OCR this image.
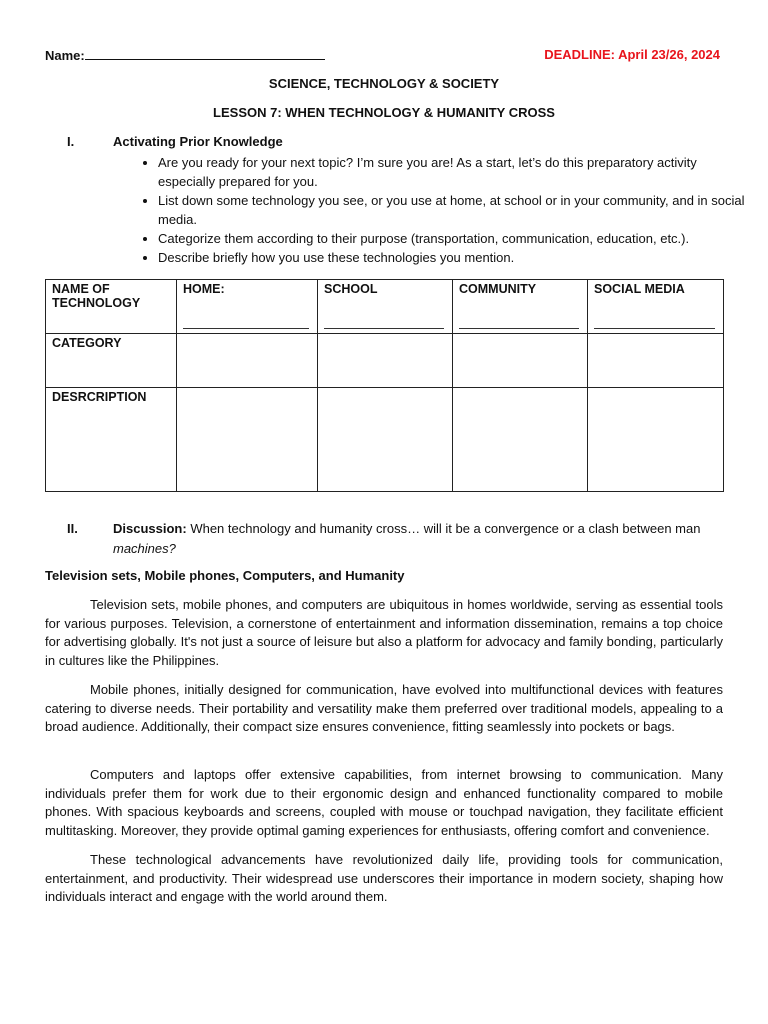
Name:	DEADLINE: April 23/26, 2024
SCIENCE, TECHNOLOGY & SOCIETY
LESSON 7: WHEN TECHNOLOGY & HUMANITY CROSS
I.	Activating Prior Knowledge
• Are you ready for your next topic? I’m sure you are! As a start, let’s do this preparatory activity especially prepared for you.
• List down some technology you see, or you use at home, at school or in your community, and in social media.
• Categorize them according to their purpose (transportation, communication, education, etc.).
• Describe briefly how you use these technologies you mention.
NAME OF TECHNOLOGY	HOME:	SCHOOL	COMMUNITY	SOCIAL MEDIA

CATEGORY				
DESRCRIPTION				
II.	Discussion: When technology and humanity cross… will it be a convergence or a clash between man
machines?
Television sets, Mobile phones, Computers, and Humanity

Television sets, mobile phones, and computers are ubiquitous in homes worldwide, serving as essential tools for various purposes. Television, a cornerstone of entertainment and information dissemination, remains a top choice for advertising globally. It's not just a source of leisure but also a platform for advocacy and family bonding, particularly in cultures like the Philippines.

Mobile phones, initially designed for communication, have evolved into multifunctional devices with features catering to diverse needs. Their portability and versatility make them preferred over traditional models, appealing to a broad audience. Additionally, their compact size ensures convenience, fitting seamlessly into pockets or bags.

Computers and laptops offer extensive capabilities, from internet browsing to communication. Many individuals prefer them for work due to their ergonomic design and enhanced functionality compared to mobile phones. With spacious keyboards and screens, coupled with mouse or touchpad navigation, they facilitate efficient multitasking. Moreover, they provide optimal gaming experiences for enthusiasts, offering comfort and convenience.

These technological advancements have revolutionized daily life, providing tools for communication, entertainment, and productivity. Their widespread use underscores their importance in modern society, shaping how individuals interact and engage with the world around them.
